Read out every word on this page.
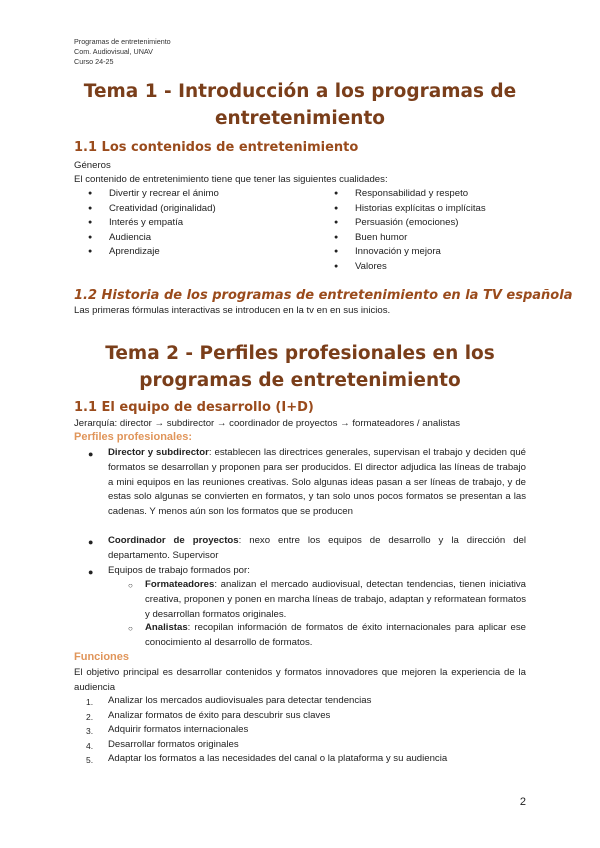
Programas de entretenimiento
Com. Audiovisual, UNAV
Curso 24-25
Tema 1 - Introducción a los programas de
entretenimiento
1.1 Los contenidos de entretenimiento
Géneros
El contenido de entretenimiento tiene que tener las siguientes cualidades:
● Divertir y recrear el ánimo
● Creatividad (originalidad)
● Interés y empatía
● Audiencia
● Aprendizaje
● Responsabilidad y respeto
● Historias explícitas o implícitas
● Persuasión (emociones)
● Buen humor
● Innovación y mejora
● Valores
1.2 Historia de los programas de entretenimiento en la TV española
Las primeras fórmulas interactivas se introducen en la tv en en sus inicios.
Tema 2 - Perfiles profesionales en los
programas de entretenimiento
1.1 El equipo de desarrollo (I+D)
Jerarquía: director → subdirector → coordinador de proyectos → formateadores / analistas
Perfiles profesionales:
● Director y subdirector: establecen las directrices generales, supervisan el trabajo y deciden qué formatos se desarrollan y proponen para ser producidos. El director adjudica las líneas de trabajo a mini equipos en las reuniones creativas. Solo algunas ideas pasan a ser líneas de trabajo, y de estas solo algunas se convierten en formatos, y tan solo unos pocos formatos se presentan a las cadenas. Y menos aún son los formatos que se producen
● Coordinador de proyectos: nexo entre los equipos de desarrollo y la dirección del departamento. Supervisor
● Equipos de trabajo formados por:
○ Formateadores: analizan el mercado audiovisual, detectan tendencias, tienen iniciativa creativa, proponen y ponen en marcha líneas de trabajo, adaptan y reformatean formatos y desarrollan formatos originales.
○ Analistas: recopilan información de formatos de éxito internacionales para aplicar ese conocimiento al desarrollo de formatos.
Funciones
El objetivo principal es desarrollar contenidos y formatos innovadores que mejoren la experiencia de la audiencia
1. Analizar los mercados audiovisuales para detectar tendencias
2. Analizar formatos de éxito para descubrir sus claves
3. Adquirir formatos internacionales
4. Desarrollar formatos originales
5. Adaptar los formatos a las necesidades del canal o la plataforma y su audiencia
2
